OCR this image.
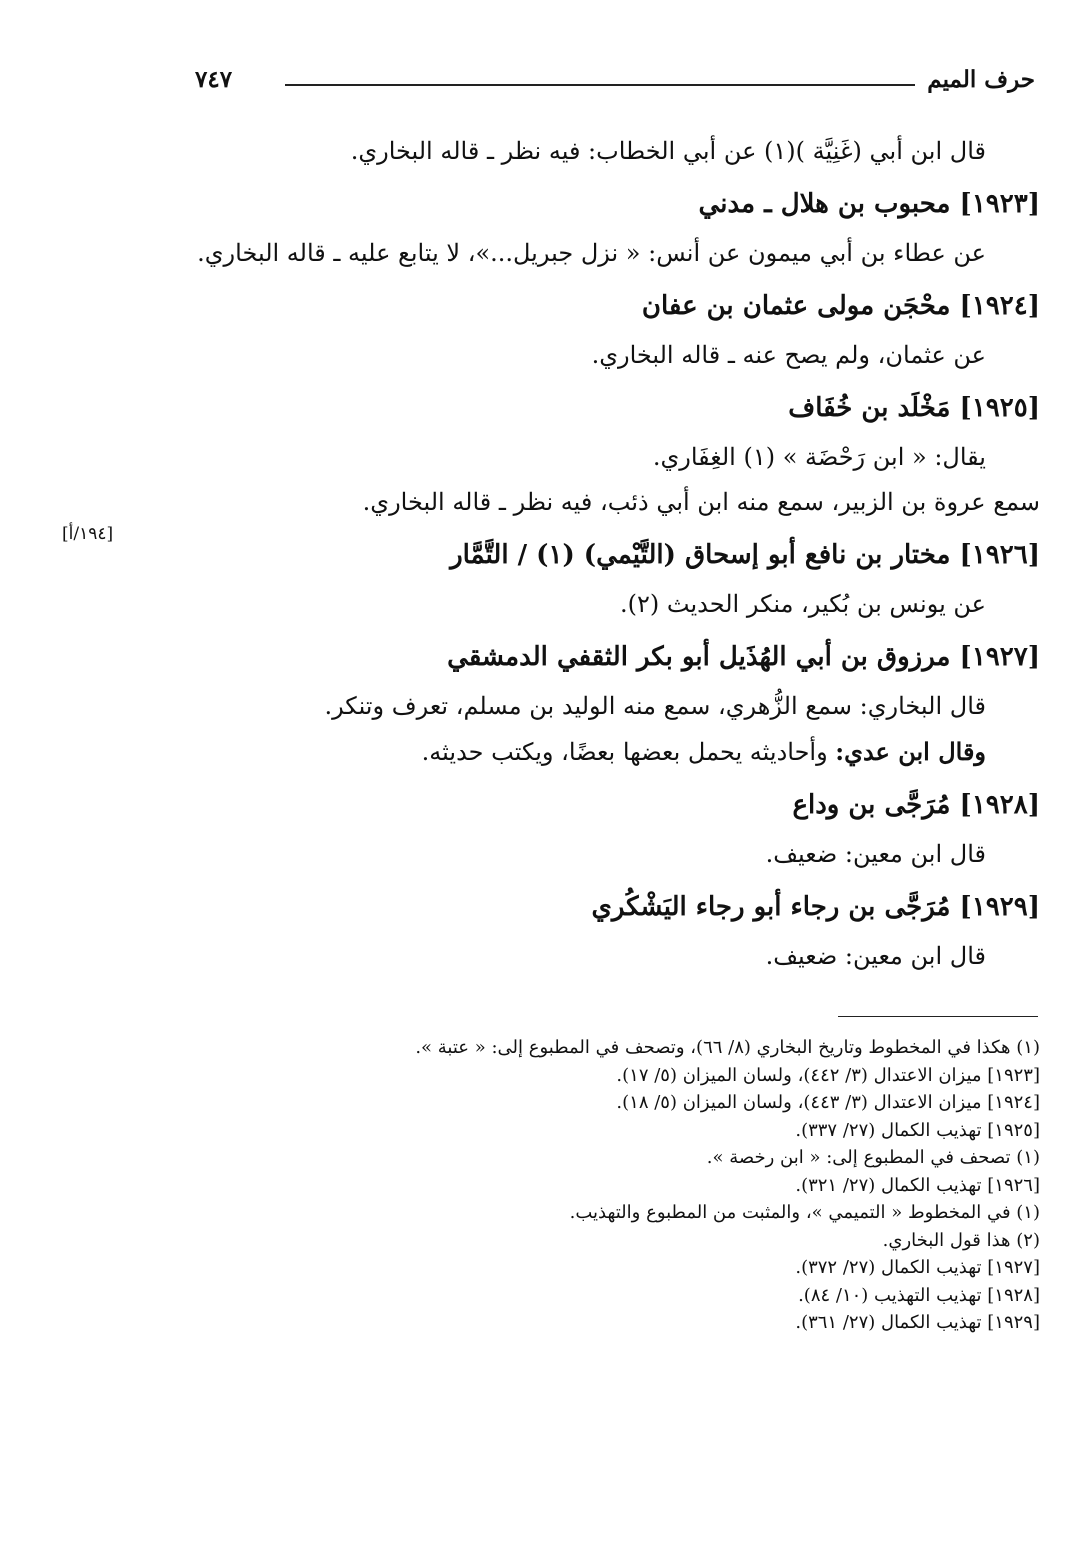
حرف الميم
٧٤٧
[١٩٤/أ]

قال ابن أبي (غَنِيَّة )(١) عن أبي الخطاب: فيه نظر ـ قاله البخاري.

[١٩٢٣] محبوب بن هلال ـ مدني

عن عطاء بن أبي ميمون عن أنس: « نزل جبريل...»، لا يتابع عليه ـ قاله البخاري.

[١٩٢٤] محْجَن مولى عثمان بن عفان

عن عثمان، ولم يصح عنه ـ قاله البخاري.

[١٩٢٥] مَخْلَد بن خُفَاف

يقال: « ابن رَحْضَة » (١) الغِفَاري.

سمع عروة بن الزبير، سمع منه ابن أبي ذئب، فيه نظر ـ قاله البخاري.

[١٩٢٦] مختار بن نافع أبو إسحاق (التَّيْمي) (١) / التَّمَّار

عن يونس بن بُكير، منكر الحديث (٢).

[١٩٢٧] مرزوق بن أبي الهُذَيل أبو بكر الثقفي الدمشقي

قال البخاري: سمع الزُّهري، سمع منه الوليد بن مسلم، تعرف وتنكر.

وقال ابن عدي: وأحاديثه يحمل بعضها بعضًا، ويكتب حديثه.

[١٩٢٨] مُرَجَّى بن وداع

قال ابن معين: ضعيف.

[١٩٢٩] مُرَجَّى بن رجاء أبو رجاء اليَشْكُري

قال ابن معين: ضعيف.

(١) هكذا في المخطوط وتاريخ البخاري (٨/ ٦٦)، وتصحف في المطبوع إلى: « عتبة ».

[١٩٢٣] ميزان الاعتدال (٣/ ٤٤٢)، ولسان الميزان (٥/ ١٧).

[١٩٢٤] ميزان الاعتدال (٣/ ٤٤٣)، ولسان الميزان (٥/ ١٨).

[١٩٢٥] تهذيب الكمال (٢٧/ ٣٣٧).

(١) تصحف في المطبوع إلى: « ابن رخصة ».

[١٩٢٦] تهذيب الكمال (٢٧/ ٣٢١).

(١) في المخطوط « التميمي »، والمثبت من المطبوع والتهذيب.

(٢) هذا قول البخاري.

[١٩٢٧] تهذيب الكمال (٢٧/ ٣٧٢).

[١٩٢٨] تهذيب التهذيب (١٠/ ٨٤).

[١٩٢٩] تهذيب الكمال (٢٧/ ٣٦١).
